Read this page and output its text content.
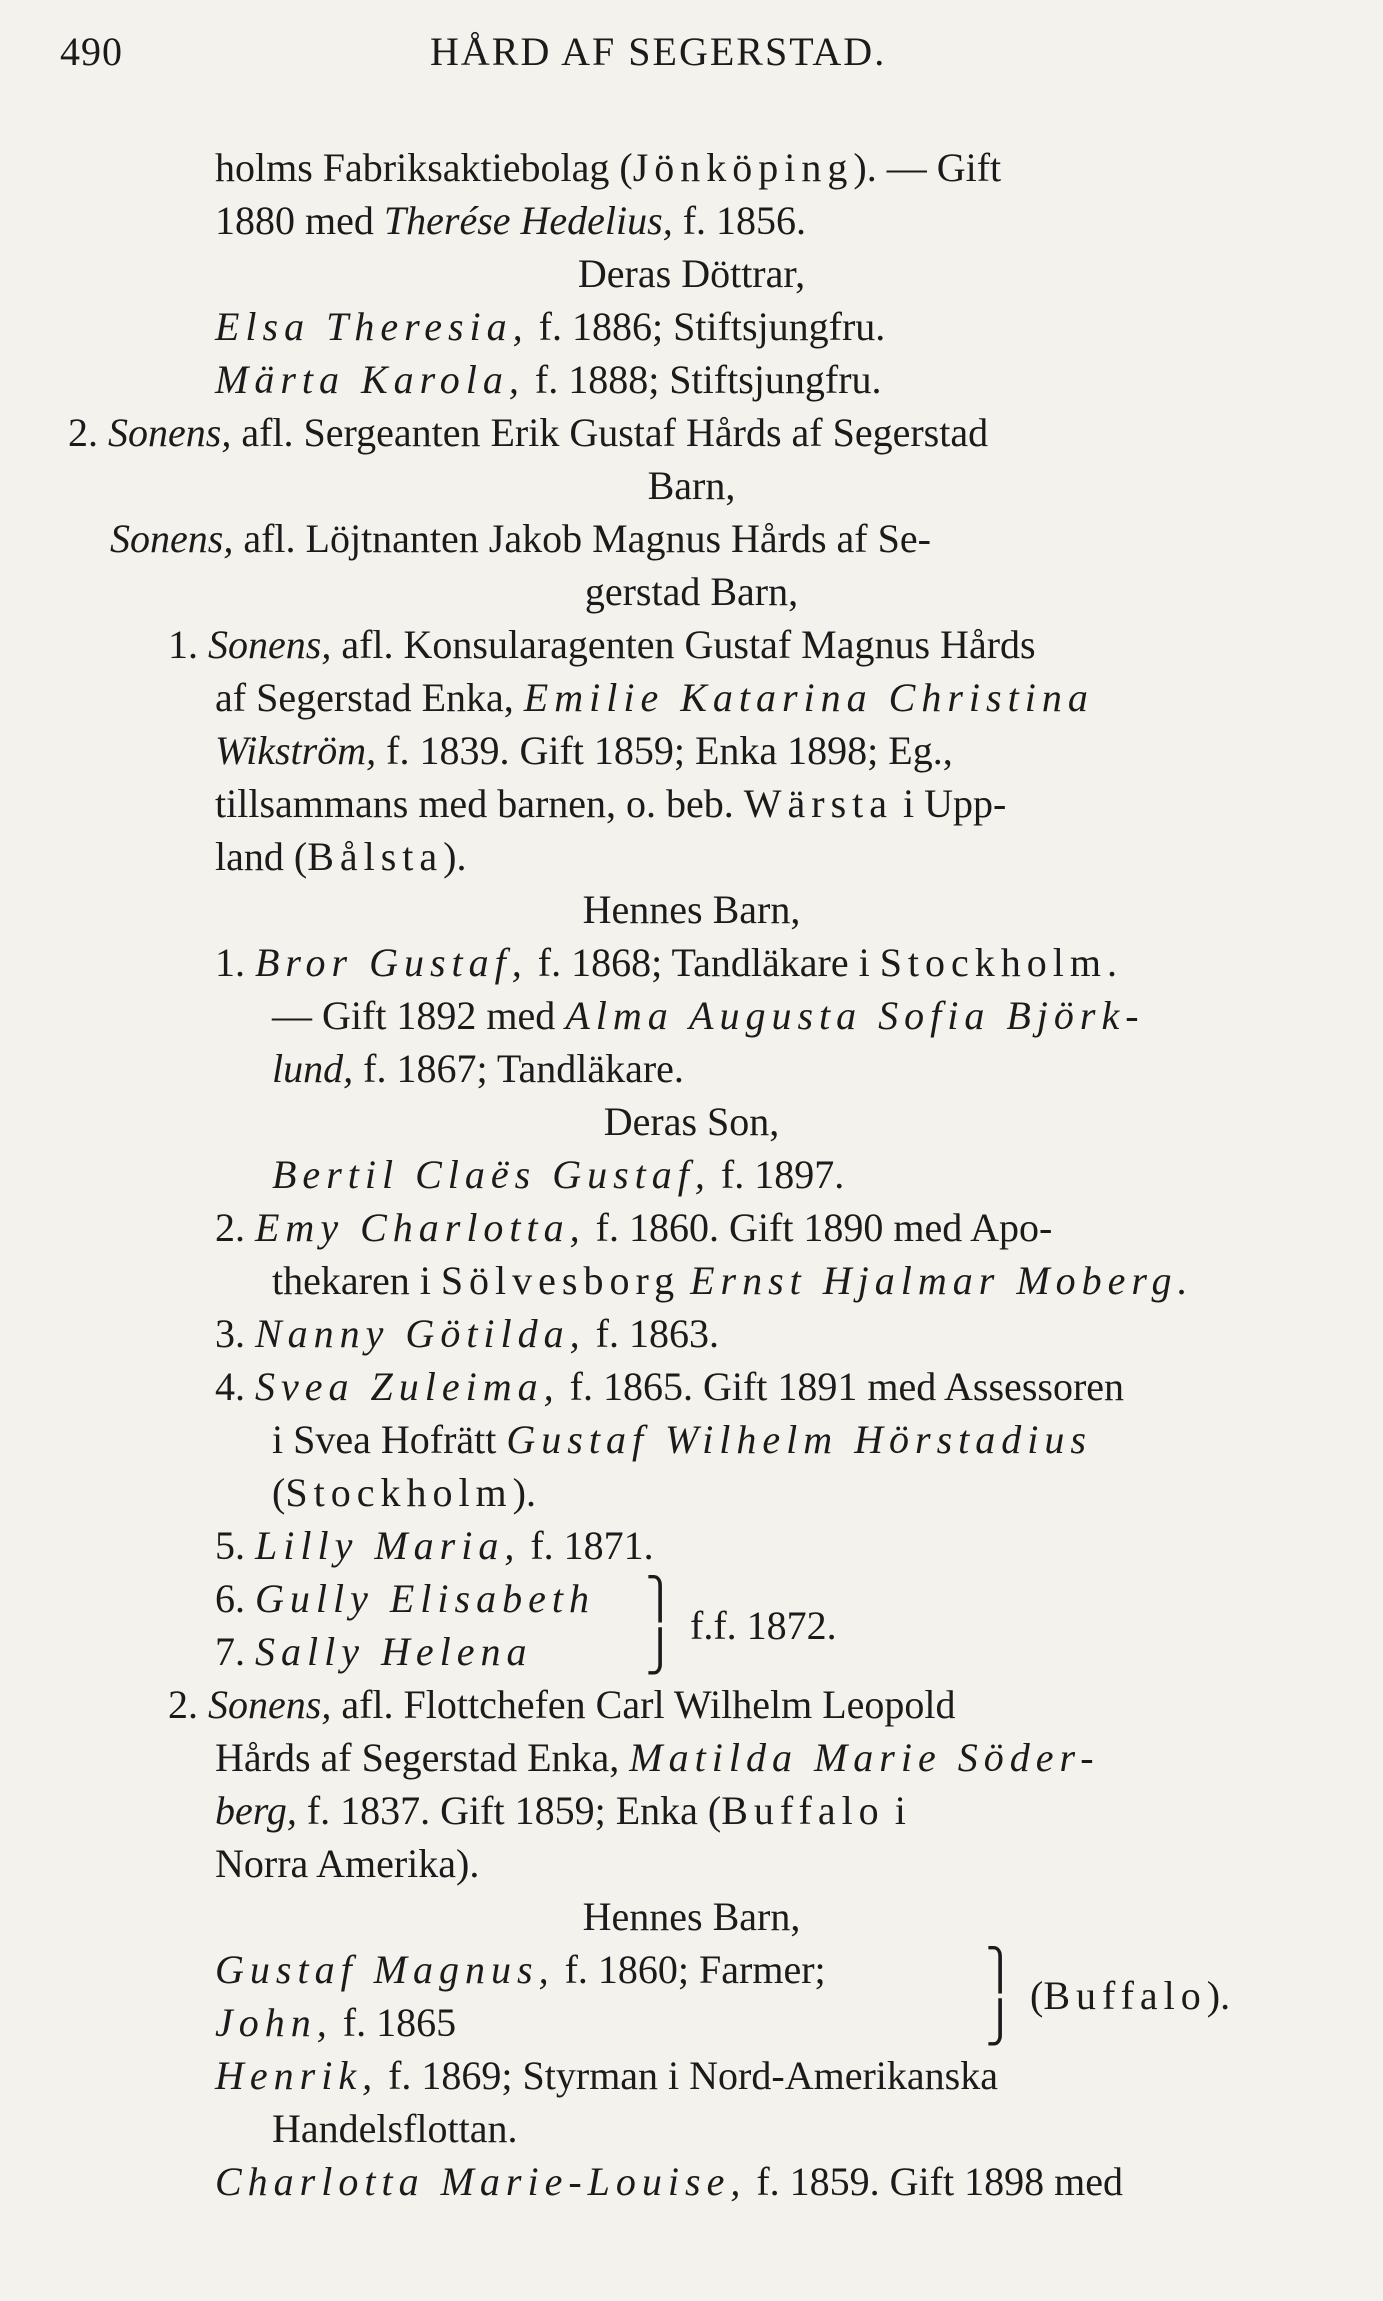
490	HÅRD AF SEGERSTAD.
holms Fabriksaktiebolag (Jönköping). — Gift
1880 med Therése Hedelius, f. 1856.
Deras Döttrar,
Elsa Theresia, f. 1886; Stiftsjungfru.
Märta Karola, f. 1888; Stiftsjungfru.
2. Sonens, afl. Sergeanten Erik Gustaf Hårds af Segerstad
Barn,
Sonens, afl. Löjtnanten Jakob Magnus Hårds af Se-
gerstad Barn,
1. Sonens, afl. Konsularagenten Gustaf Magnus Hårds
af Segerstad Enka, Emilie Katarina Christina
Wikström, f. 1839. Gift 1859; Enka 1898; Eg.,
tillsammans med barnen, o. beb. Wärsta i Upp-
land (Bålsta).
Hennes Barn,
1. Bror Gustaf, f. 1868; Tandläkare i Stockholm.
— Gift 1892 med Alma Augusta Sofia Björk-
lund, f. 1867; Tandläkare.
Deras Son,
Bertil Claës Gustaf, f. 1897.
2. Emy Charlotta, f. 1860. Gift 1890 med Apo-
thekaren i Sölvesborg Ernst Hjalmar Moberg.
3. Nanny Götilda, f. 1863.
4. Svea Zuleima, f. 1865. Gift 1891 med Assessoren
i Svea Hofrätt Gustaf Wilhelm Hörstadius
(Stockholm).
5. Lilly Maria, f. 1871.
6. Gully Elisabeth
7. Sally Helena
⎫
⎭
f.f. 1872.
2. Sonens, afl. Flottchefen Carl Wilhelm Leopold
Hårds af Segerstad Enka, Matilda Marie Söder-
berg, f. 1837. Gift 1859; Enka (Buffalo i
Norra Amerika).
Hennes Barn,
Gustaf Magnus, f. 1860; Farmer;
John, f. 1865
⎫
⎭
(Buffalo).
Henrik, f. 1869; Styrman i Nord-Amerikanska
Handelsflottan.
Charlotta Marie-Louise, f. 1859. Gift 1898 med
